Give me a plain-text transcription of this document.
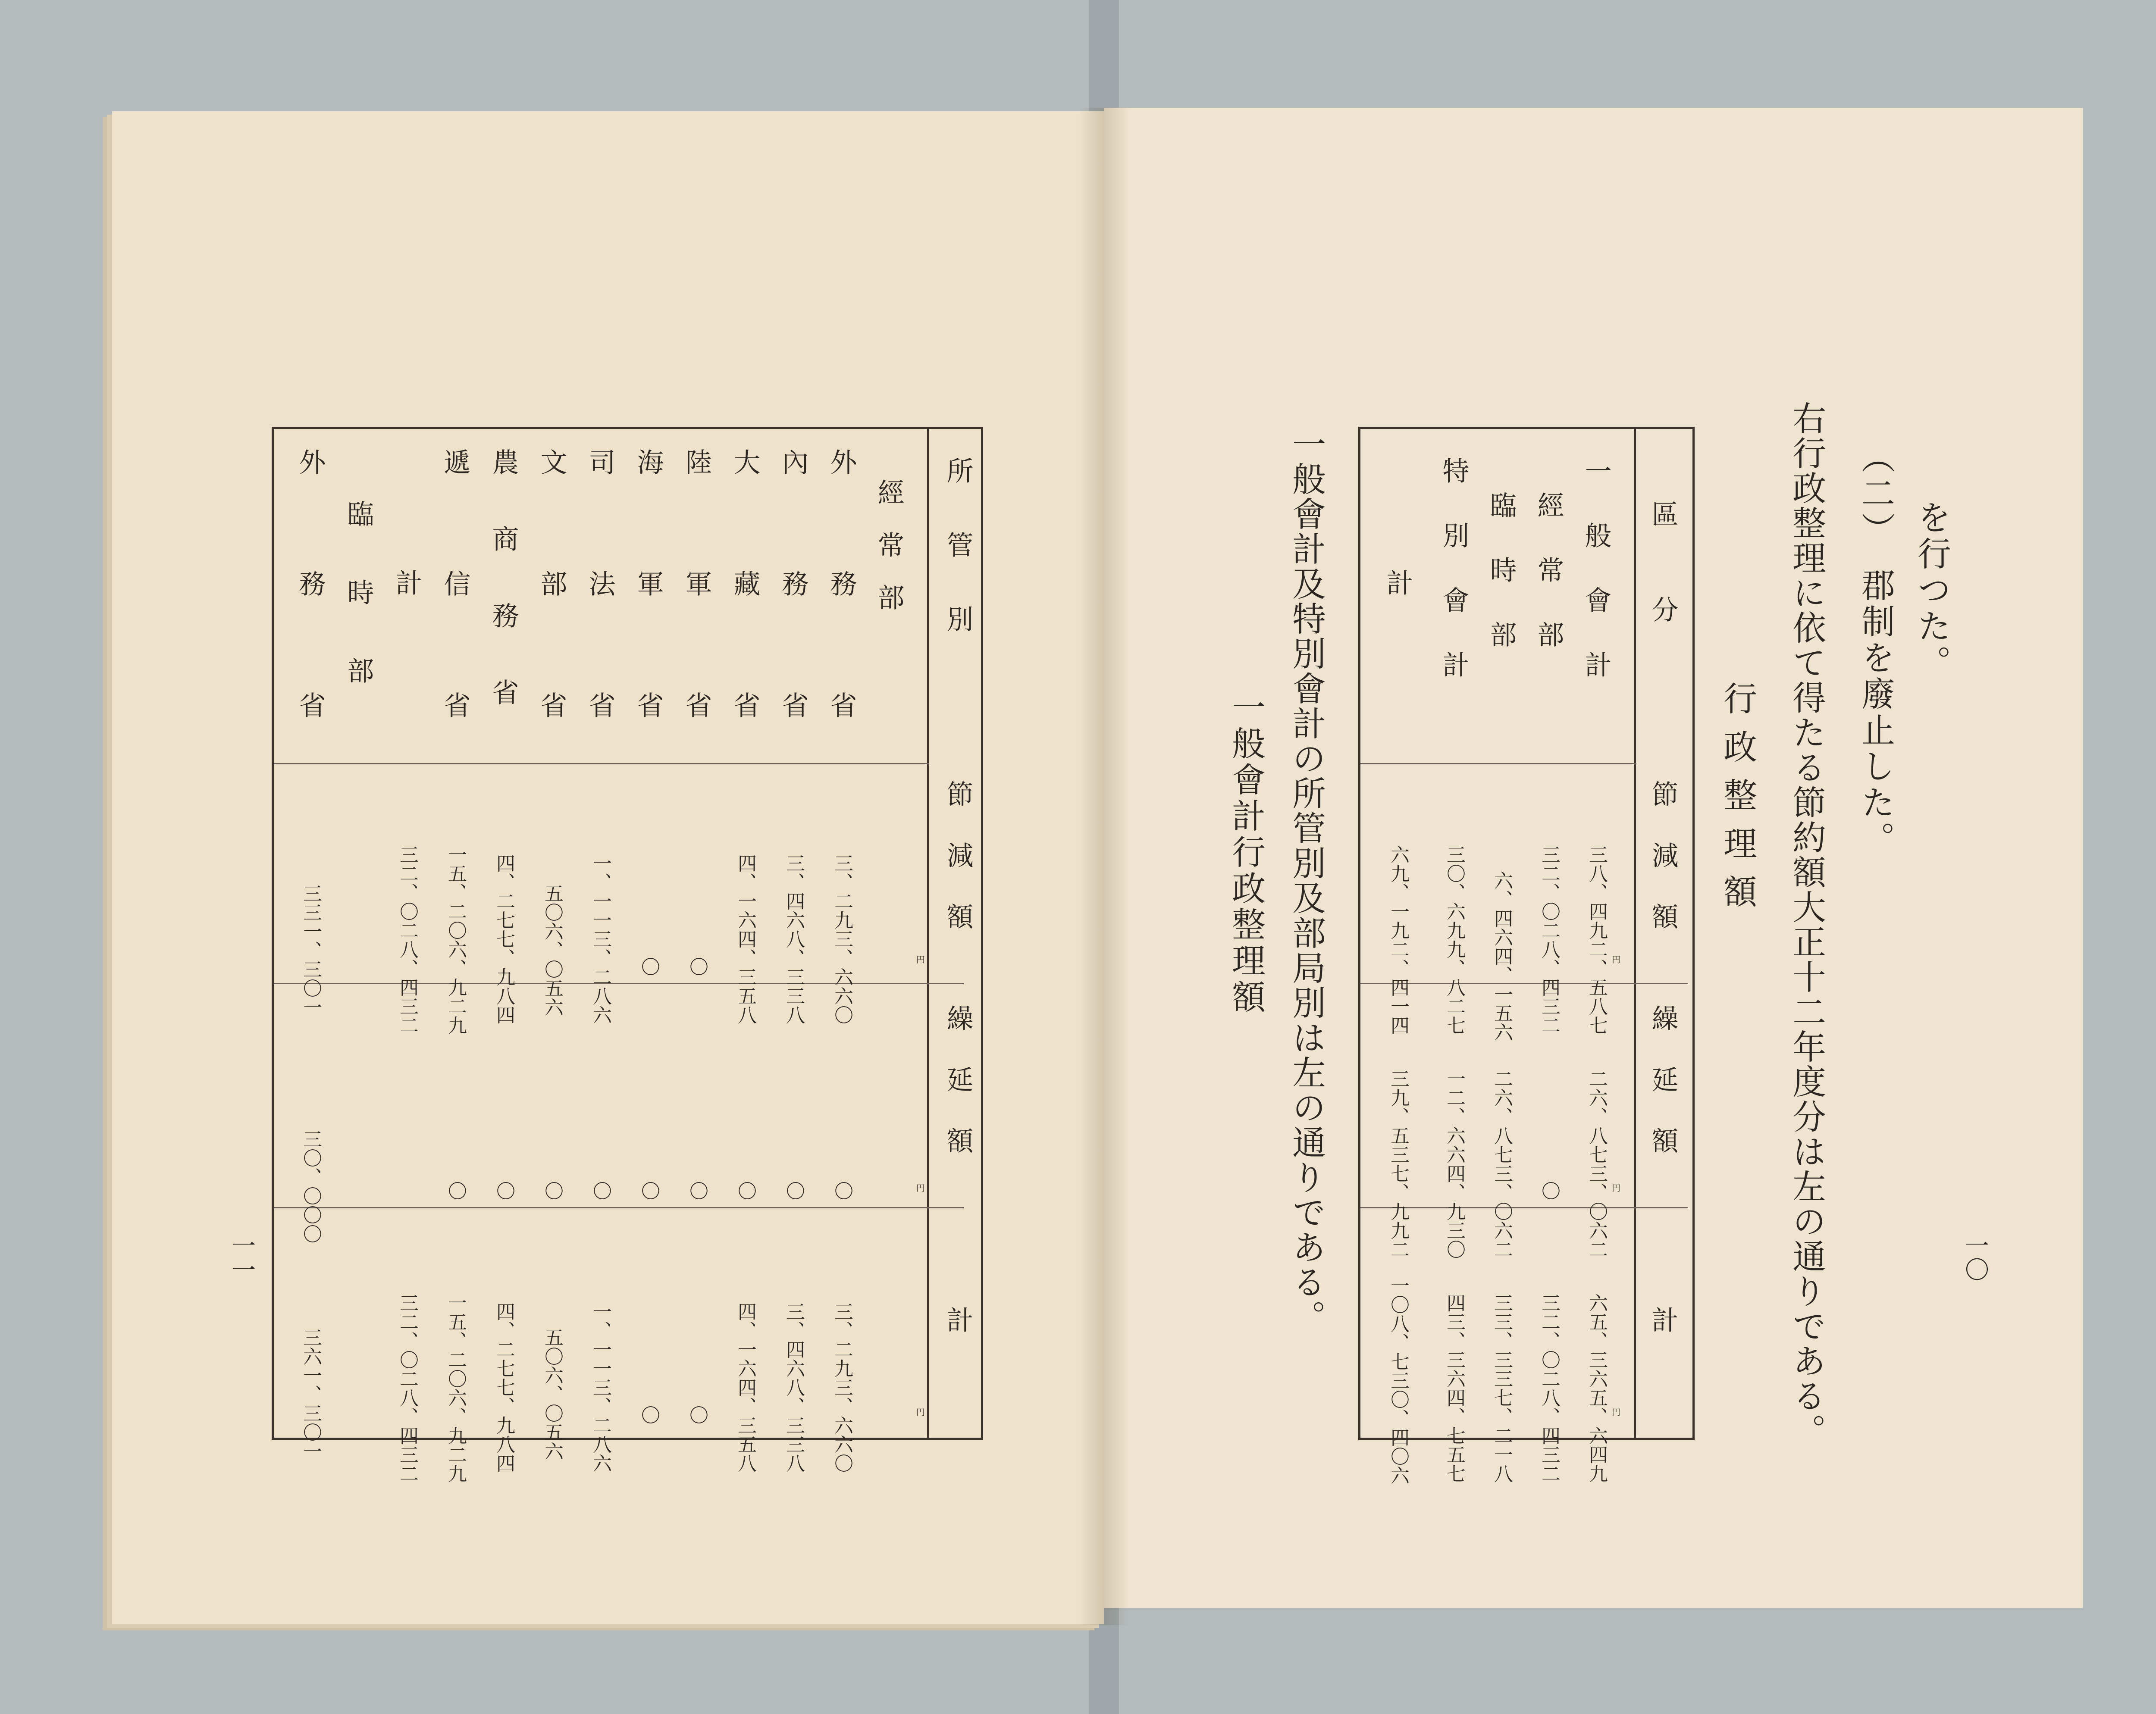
一一
所管別
節減額
繰延額
計
円
円
円
經常部
外務省
內務省
大藏省
陸軍省
海軍省
司法省
文部省
農商務省
遞信省
計
臨時部
外務省
三、二九三、六六〇
三、四六八、三三八
四、一六四、三五八
〇
〇
一、一一三、二八六
五〇六、〇五六
四、二七七、九八四
一五、二〇六、九二九
三二、〇二八、四三二
三三一、三〇一
〇
〇
〇
〇
〇
〇
〇
〇
〇
三〇、〇〇〇
三、二九三、六六〇
三、四六八、三三八
四、一六四、三五八
〇
〇
一、一一三、二八六
五〇六、〇五六
四、二七七、九八四
一五、二〇六、九二九
三二、〇二八、四三二
三六一、三〇一
一〇
を行つた。
（二）　郡制を廢止した。
右行政整理に依て得たる節約額大正十二年度分は左の通りである。
行政整理額
區分
節減額
繰延額
計
円
円
円
一般會計
經常部
臨時部
特別會計
計
三八、四九二、五八七
三二、〇二八、四三二
六、四六四、一五六
三〇、六九九、八二七
六九、一九二、四一四
二六、八七三、〇六二
〇
二六、八七三、〇六二
一二、六六四、九三〇
三九、五三七、九九二
六五、三六五、六四九
三二、〇二八、四三二
三三、三三七、二一八
四三、三六四、七五七
一〇八、七三〇、四〇六
一般會計及特別會計の所管別及部局別は左の通りである。
一般會計行政整理額
